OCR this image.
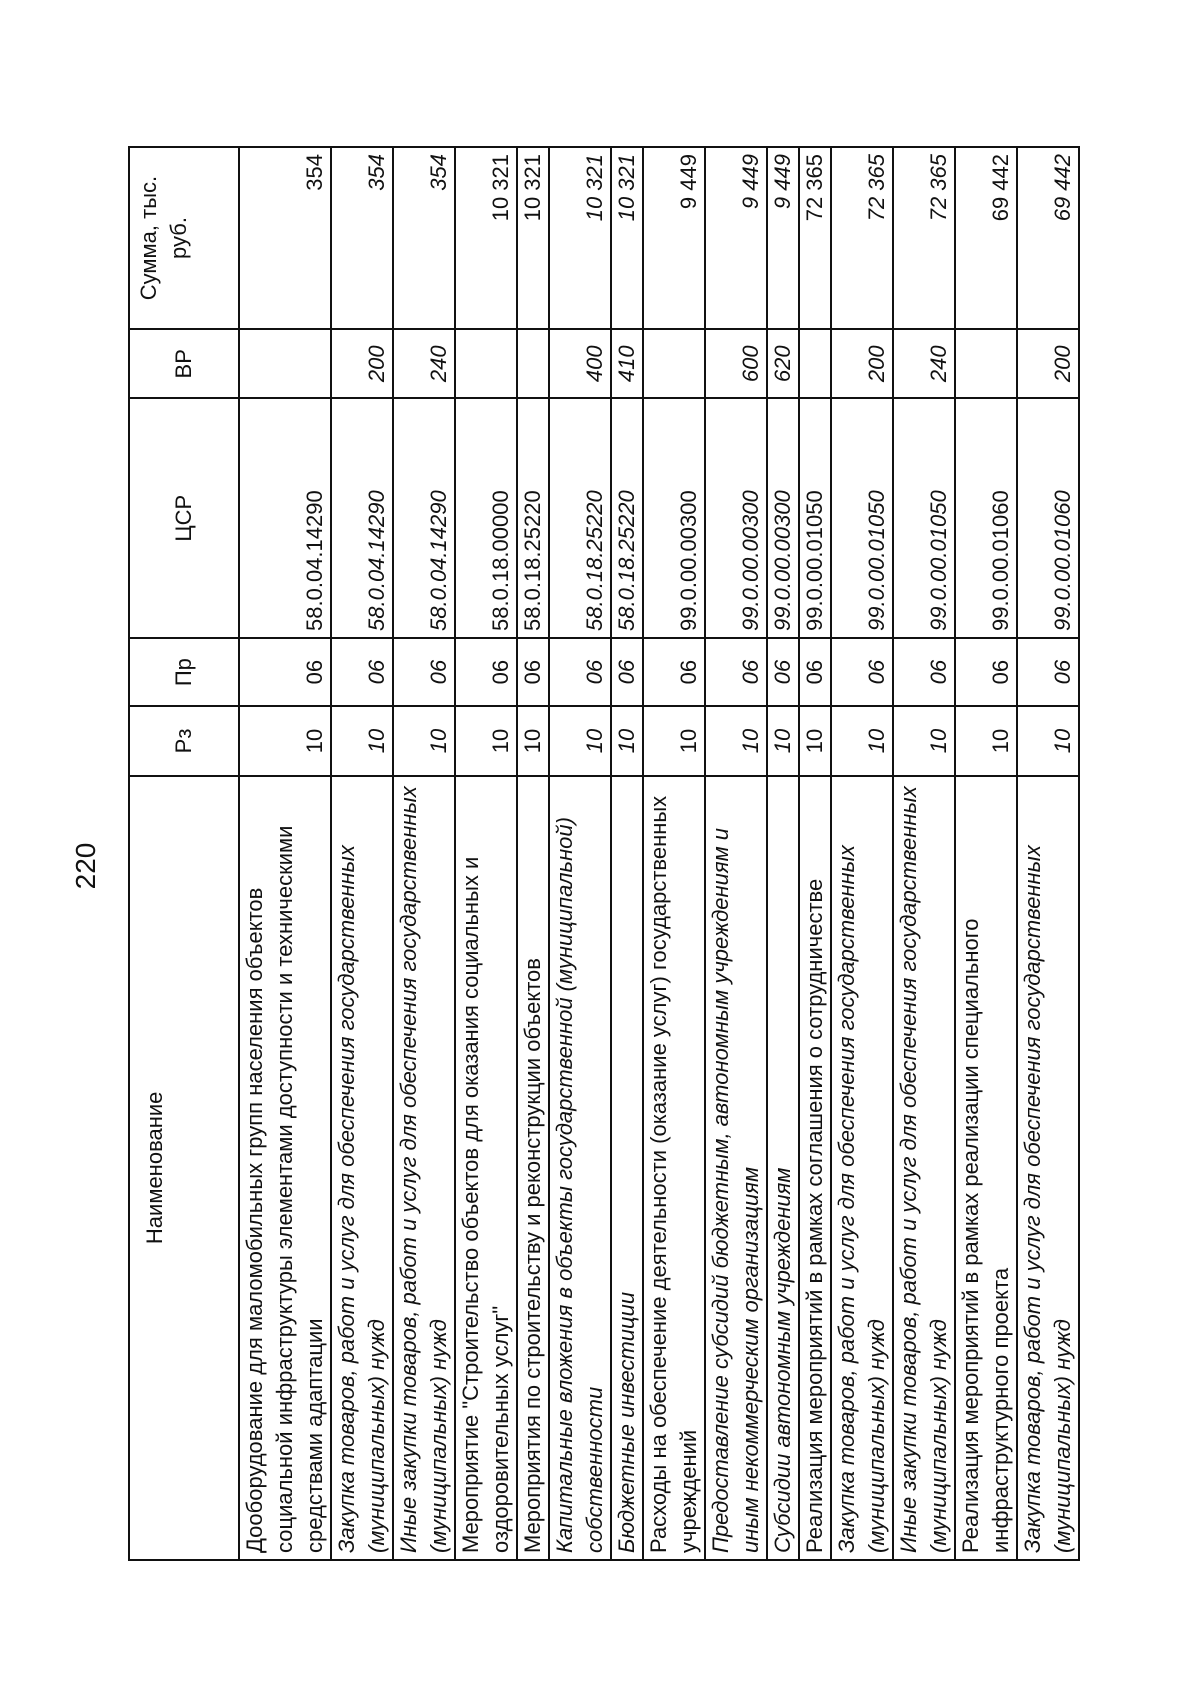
220
Наименование	Рз	Пр	ЦСР	ВР	Сумма, тыс. руб.
Дооборудование для маломобильных групп населения объектов социальной инфраструктуры элементами доступности и техническими средствами адаптации	10	06	58.0.04.14290		354
Закупка товаров, работ и услуг для обеспечения государственных (муниципальных) нужд	10	06	58.0.04.14290	200	354
Иные закупки товаров, работ и услуг для обеспечения государственных (муниципальных) нужд	10	06	58.0.04.14290	240	354
Мероприятие "Строительство объектов для оказания социальных и оздоровительных услуг"	10	06	58.0.18.00000		10 321
Мероприятия по строительству и реконструкции объектов	10	06	58.0.18.25220		10 321
Капитальные вложения в объекты государственной (муниципальной) собственности	10	06	58.0.18.25220	400	10 321
Бюджетные инвестиции	10	06	58.0.18.25220	410	10 321
Расходы на обеспечение деятельности (оказание услуг) государственных учреждений	10	06	99.0.00.00300		9 449
Предоставление субсидий бюджетным, автономным учреждениям и иным некоммерческим организациям	10	06	99.0.00.00300	600	9 449
Субсидии автономным учреждениям	10	06	99.0.00.00300	620	9 449
Реализация мероприятий в рамках соглашения о сотрудничестве	10	06	99.0.00.01050		72 365
Закупка товаров, работ и услуг для обеспечения государственных (муниципальных) нужд	10	06	99.0.00.01050	200	72 365
Иные закупки товаров, работ и услуг для обеспечения государственных (муниципальных) нужд	10	06	99.0.00.01050	240	72 365
Реализация мероприятий в рамках реализации специального инфраструктурного проекта	10	06	99.0.00.01060		69 442
Закупка товаров, работ и услуг для обеспечения государственных (муниципальных) нужд	10	06	99.0.00.01060	200	69 442
